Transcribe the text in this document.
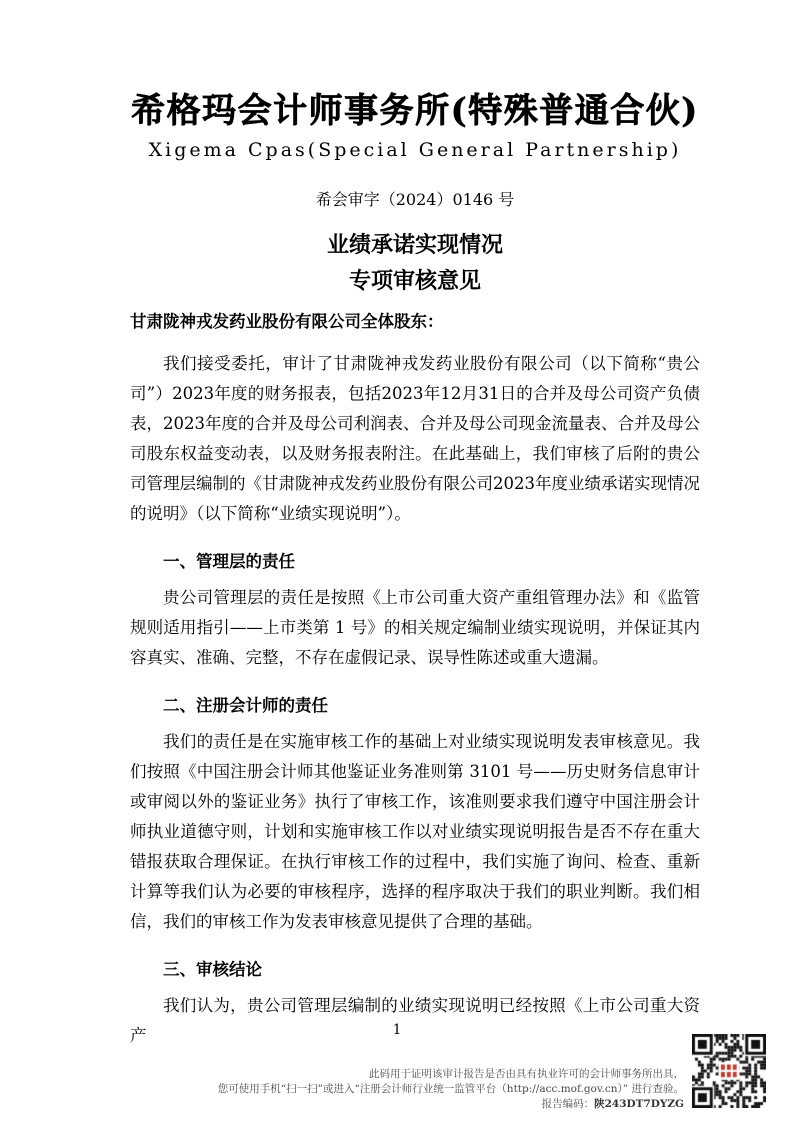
希格玛会计师事务所(特殊普通合伙)
Xigema Cpas(Special General Partnership)
希会审字（2024）0146 号
业绩承诺实现情况
专项审核意见
甘肃陇神戎发药业股份有限公司全体股东：

我们接受委托，审计了甘肃陇神戎发药业股份有限公司（以下简称“贵公司”）2023年度的财务报表，包括2023年12月31日的合并及母公司资产负债表，2023年度的合并及母公司利润表、合并及母公司现金流量表、合并及母公司股东权益变动表，以及财务报表附注。在此基础上，我们审核了后附的贵公司管理层编制的《甘肃陇神戎发药业股份有限公司2023年度业绩承诺实现情况的说明》（以下简称“业绩实现说明”）。

一、管理层的责任

贵公司管理层的责任是按照《上市公司重大资产重组管理办法》和《监管规则适用指引——上市类第 1 号》的相关规定编制业绩实现说明，并保证其内容真实、准确、完整，不存在虚假记录、误导性陈述或重大遗漏。

二、注册会计师的责任

我们的责任是在实施审核工作的基础上对业绩实现说明发表审核意见。我们按照《中国注册会计师其他鉴证业务准则第 3101 号——历史财务信息审计或审阅以外的鉴证业务》执行了审核工作，该准则要求我们遵守中国注册会计师执业道德守则，计划和实施审核工作以对业绩实现说明报告是否不存在重大错报获取合理保证。在执行审核工作的过程中，我们实施了询问、检查、重新计算等我们认为必要的审核程序，选择的程序取决于我们的职业判断。我们相信，我们的审核工作为发表审核意见提供了合理的基础。

三、审核结论

我们认为，贵公司管理层编制的业绩实现说明已经按照《上市公司重大资产	1
此码用于证明该审计报告是否由具有执业许可的会计师事务所出具，
您可使用手机“扫一扫”或进入“注册会计师行业统一监管平台（http://acc.mof.gov.cn）” 进行查验。
报告编码：陕243DT7DYZG
